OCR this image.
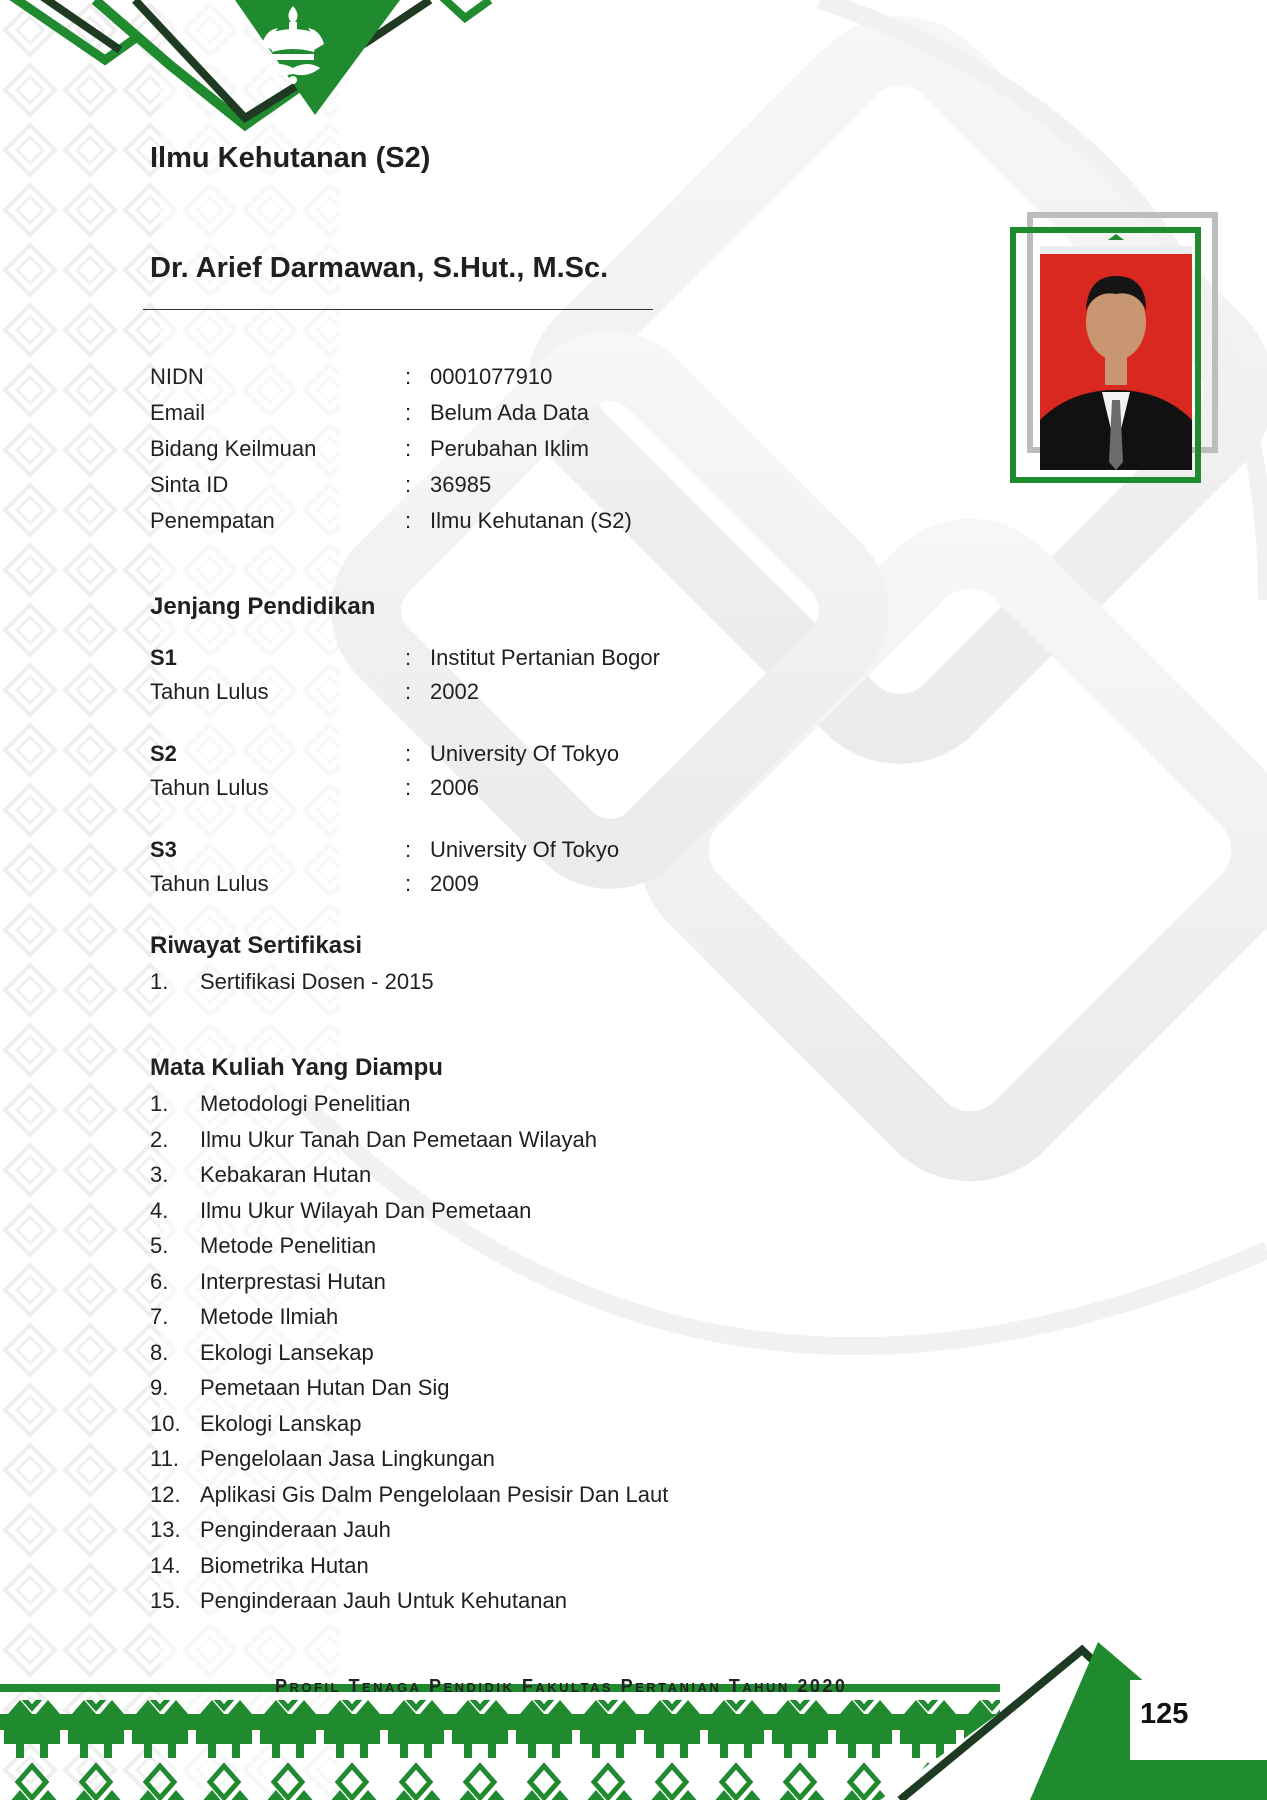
Ilmu Kehutanan (S2)
Dr. Arief Darmawan, S.Hut., M.Sc.
NIDN	: 0001077910
Email	: Belum Ada Data
Bidang Keilmuan	: Perubahan Iklim
Sinta ID	: 36985
Penempatan	: Ilmu Kehutanan (S2)
Jenjang Pendidikan
S1	: Institut Pertanian Bogor
Tahun Lulus	: 2002
S2	: University Of Tokyo
Tahun Lulus	: 2006
S3	: University Of Tokyo
Tahun Lulus	: 2009
Riwayat Sertifikasi
1. Sertifikasi Dosen - 2015
Mata Kuliah Yang Diampu
1. Metodologi Penelitian
2. Ilmu Ukur Tanah Dan Pemetaan Wilayah
3. Kebakaran Hutan
4. Ilmu Ukur Wilayah Dan Pemetaan
5. Metode Penelitian
6. Interprestasi Hutan
7. Metode Ilmiah
8. Ekologi Lansekap
9. Pemetaan Hutan Dan Sig
10. Ekologi Lanskap
11. Pengelolaan Jasa Lingkungan
12. Aplikasi Gis Dalm Pengelolaan Pesisir Dan Laut
13. Penginderaan Jauh
14. Biometrika Hutan
15. Penginderaan Jauh Untuk Kehutanan
Profil Tenaga Pendidik Fakultas Pertanian Tahun 2020
125
